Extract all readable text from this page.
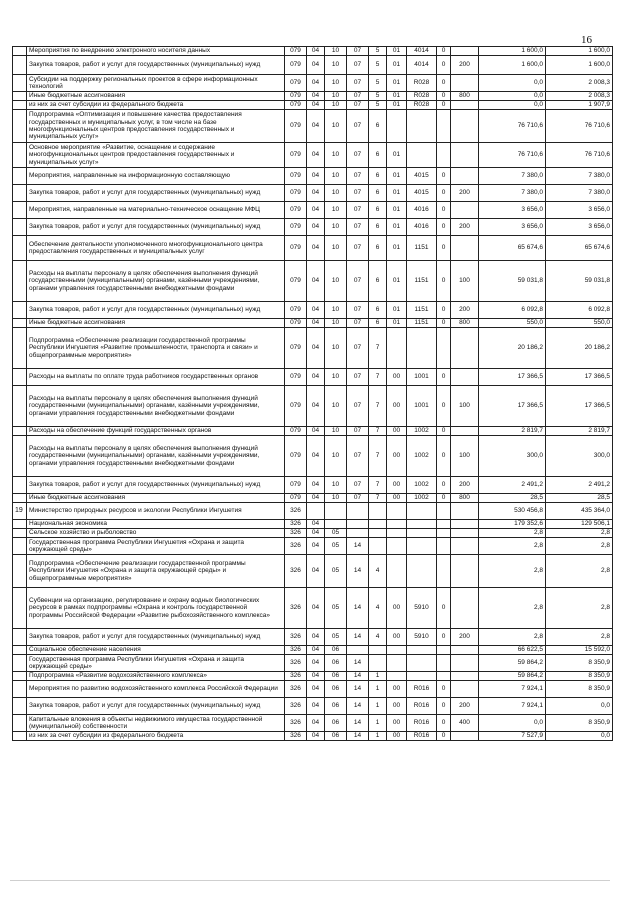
16
	Мероприятия по внедрению электронного носителя данных	079	04	10	07	5	01	4014	0		1 600,0	1 600,0
	Закупка товаров, работ и услуг для государственных (муниципальных) нужд	079	04	10	07	5	01	4014	0	200	1 600,0	1 600,0
	Субсидии на поддержку региональных проектов в сфере информационных технологий	079	04	10	07	5	01	R028	0		0,0	2 008,3
	Иные бюджетные ассигнования	079	04	10	07	5	01	R028	0	800	0,0	2 008,3
	из них за счет субсидии из федерального бюджета	079	04	10	07	5	01	R028	0		0,0	1 907,9
	Подпрограмма «Оптимизация и повышение качества предоставления государственных и муниципальных услуг, в том числе на базе многофункциональных центров предоставления государственных и муниципальных услуг»	079	04	10	07	6					76 710,6	76 710,6
	Основное мероприятие «Развитие, оснащение и содержание многофункциональных центров предоставления государственных и муниципальных услуг»	079	04	10	07	6	01				76 710,6	76 710,6
	Мероприятия, направленные на информационную составляющую	079	04	10	07	6	01	4015	0		7 380,0	7 380,0
	Закупка товаров, работ и услуг для государственных (муниципальных) нужд	079	04	10	07	6	01	4015	0	200	7 380,0	7 380,0
	Мероприятия, направленные на материально-техническое оснащение МФЦ	079	04	10	07	6	01	4016	0		3 656,0	3 656,0
	Закупка товаров, работ и услуг для государственных (муниципальных) нужд	079	04	10	07	6	01	4016	0	200	3 656,0	3 656,0
	Обеспечение деятельности уполномоченного многофункционального центра предоставления государственных и муниципальных услуг	079	04	10	07	6	01	1151	0		65 674,6	65 674,6
	Расходы на выплаты персоналу в целях обеспечения выполнения функций государственными (муниципальными) органами, казёнными учреждениями, органами управления государственными внебюджетными фондами	079	04	10	07	6	01	1151	0	100	59 031,8	59 031,8
	Закупка товаров, работ и услуг для государственных (муниципальных) нужд	079	04	10	07	6	01	1151	0	200	6 092,8	6 092,8
	Иные бюджетные ассигнования	079	04	10	07	6	01	1151	0	800	550,0	550,0
	Подпрограмма «Обеспечение реализации государственной программы Республики Ингушетия «Развитие промышленности, транспорта и связи» и общепрограммные мероприятия»	079	04	10	07	7					20 186,2	20 186,2
	Расходы на выплаты по оплате труда работников государственных органов	079	04	10	07	7	00	1001	0		17 366,5	17 366,5
	Расходы на выплаты персоналу в целях обеспечения выполнения функций государственными (муниципальными) органами, казёнными учреждениями, органами управления государственными внебюджетными фондами	079	04	10	07	7	00	1001	0	100	17 366,5	17 366,5
	Расходы на обеспечение функций государственных органов	079	04	10	07	7	00	1002	0		2 819,7	2 819,7
	Расходы на выплаты персоналу в целях обеспечения выполнения функций государственными (муниципальными) органами, казёнными учреждениями, органами управления государственными внебюджетными фондами	079	04	10	07	7	00	1002	0	100	300,0	300,0
	Закупка товаров, работ и услуг для государственных (муниципальных) нужд	079	04	10	07	7	00	1002	0	200	2 491,2	2 491,2
	Иные бюджетные ассигнования	079	04	10	07	7	00	1002	0	800	28,5	28,5
19	Министерство природных ресурсов и экологии Республики Ингушетия	326									530 456,8	435 364,0
	Национальная экономика	326	04								179 352,6	129 506,1
	Сельское хозяйство и рыболовство	326	04	05							2,8	2,8
	Государственная программа Республики Ингушетия «Охрана и защита окружающей среды»	326	04	05	14						2,8	2,8
	Подпрограмма «Обеспечение реализации государственной программы Республики Ингушетия «Охрана и защита окружающей среды» и общепрограммные мероприятия»	326	04	05	14	4					2,8	2,8
	Субвенции на организацию, регулирование и охрану водных биологических ресурсов в рамках подпрограммы «Охрана и контроль государственной программы Российской Федерации «Развитие рыбохозяйственного комплекса»	326	04	05	14	4	00	5910	0		2,8	2,8
	Закупка товаров, работ и услуг для государственных (муниципальных) нужд	326	04	05	14	4	00	5910	0	200	2,8	2,8
	Социальное обеспечение населения	326	04	06							66 622,5	15 592,0
	Государственная программа Республики Ингушетия «Охрана и защита окружающей среды»	326	04	06	14						59 864,2	8 350,9
	Подпрограмма «Развитие водохозяйственного комплекса»	326	04	06	14	1					59 864,2	8 350,9
	Мероприятия по развитию водохозяйственного комплекса Российской Федерации	326	04	06	14	1	00	R016	0		7 924,1	8 350,9
	Закупка товаров, работ и услуг для государственных (муниципальных) нужд	326	04	06	14	1	00	R016	0	200	7 924,1	0,0
	Капитальные вложения в объекты недвижимого имущества государственной (муниципальной) собственности	326	04	06	14	1	00	R016	0	400	0,0	8 350,9
	из них за счет субсидии из федерального бюджета	326	04	06	14	1	00	R016	0		7 527,9	0,0
